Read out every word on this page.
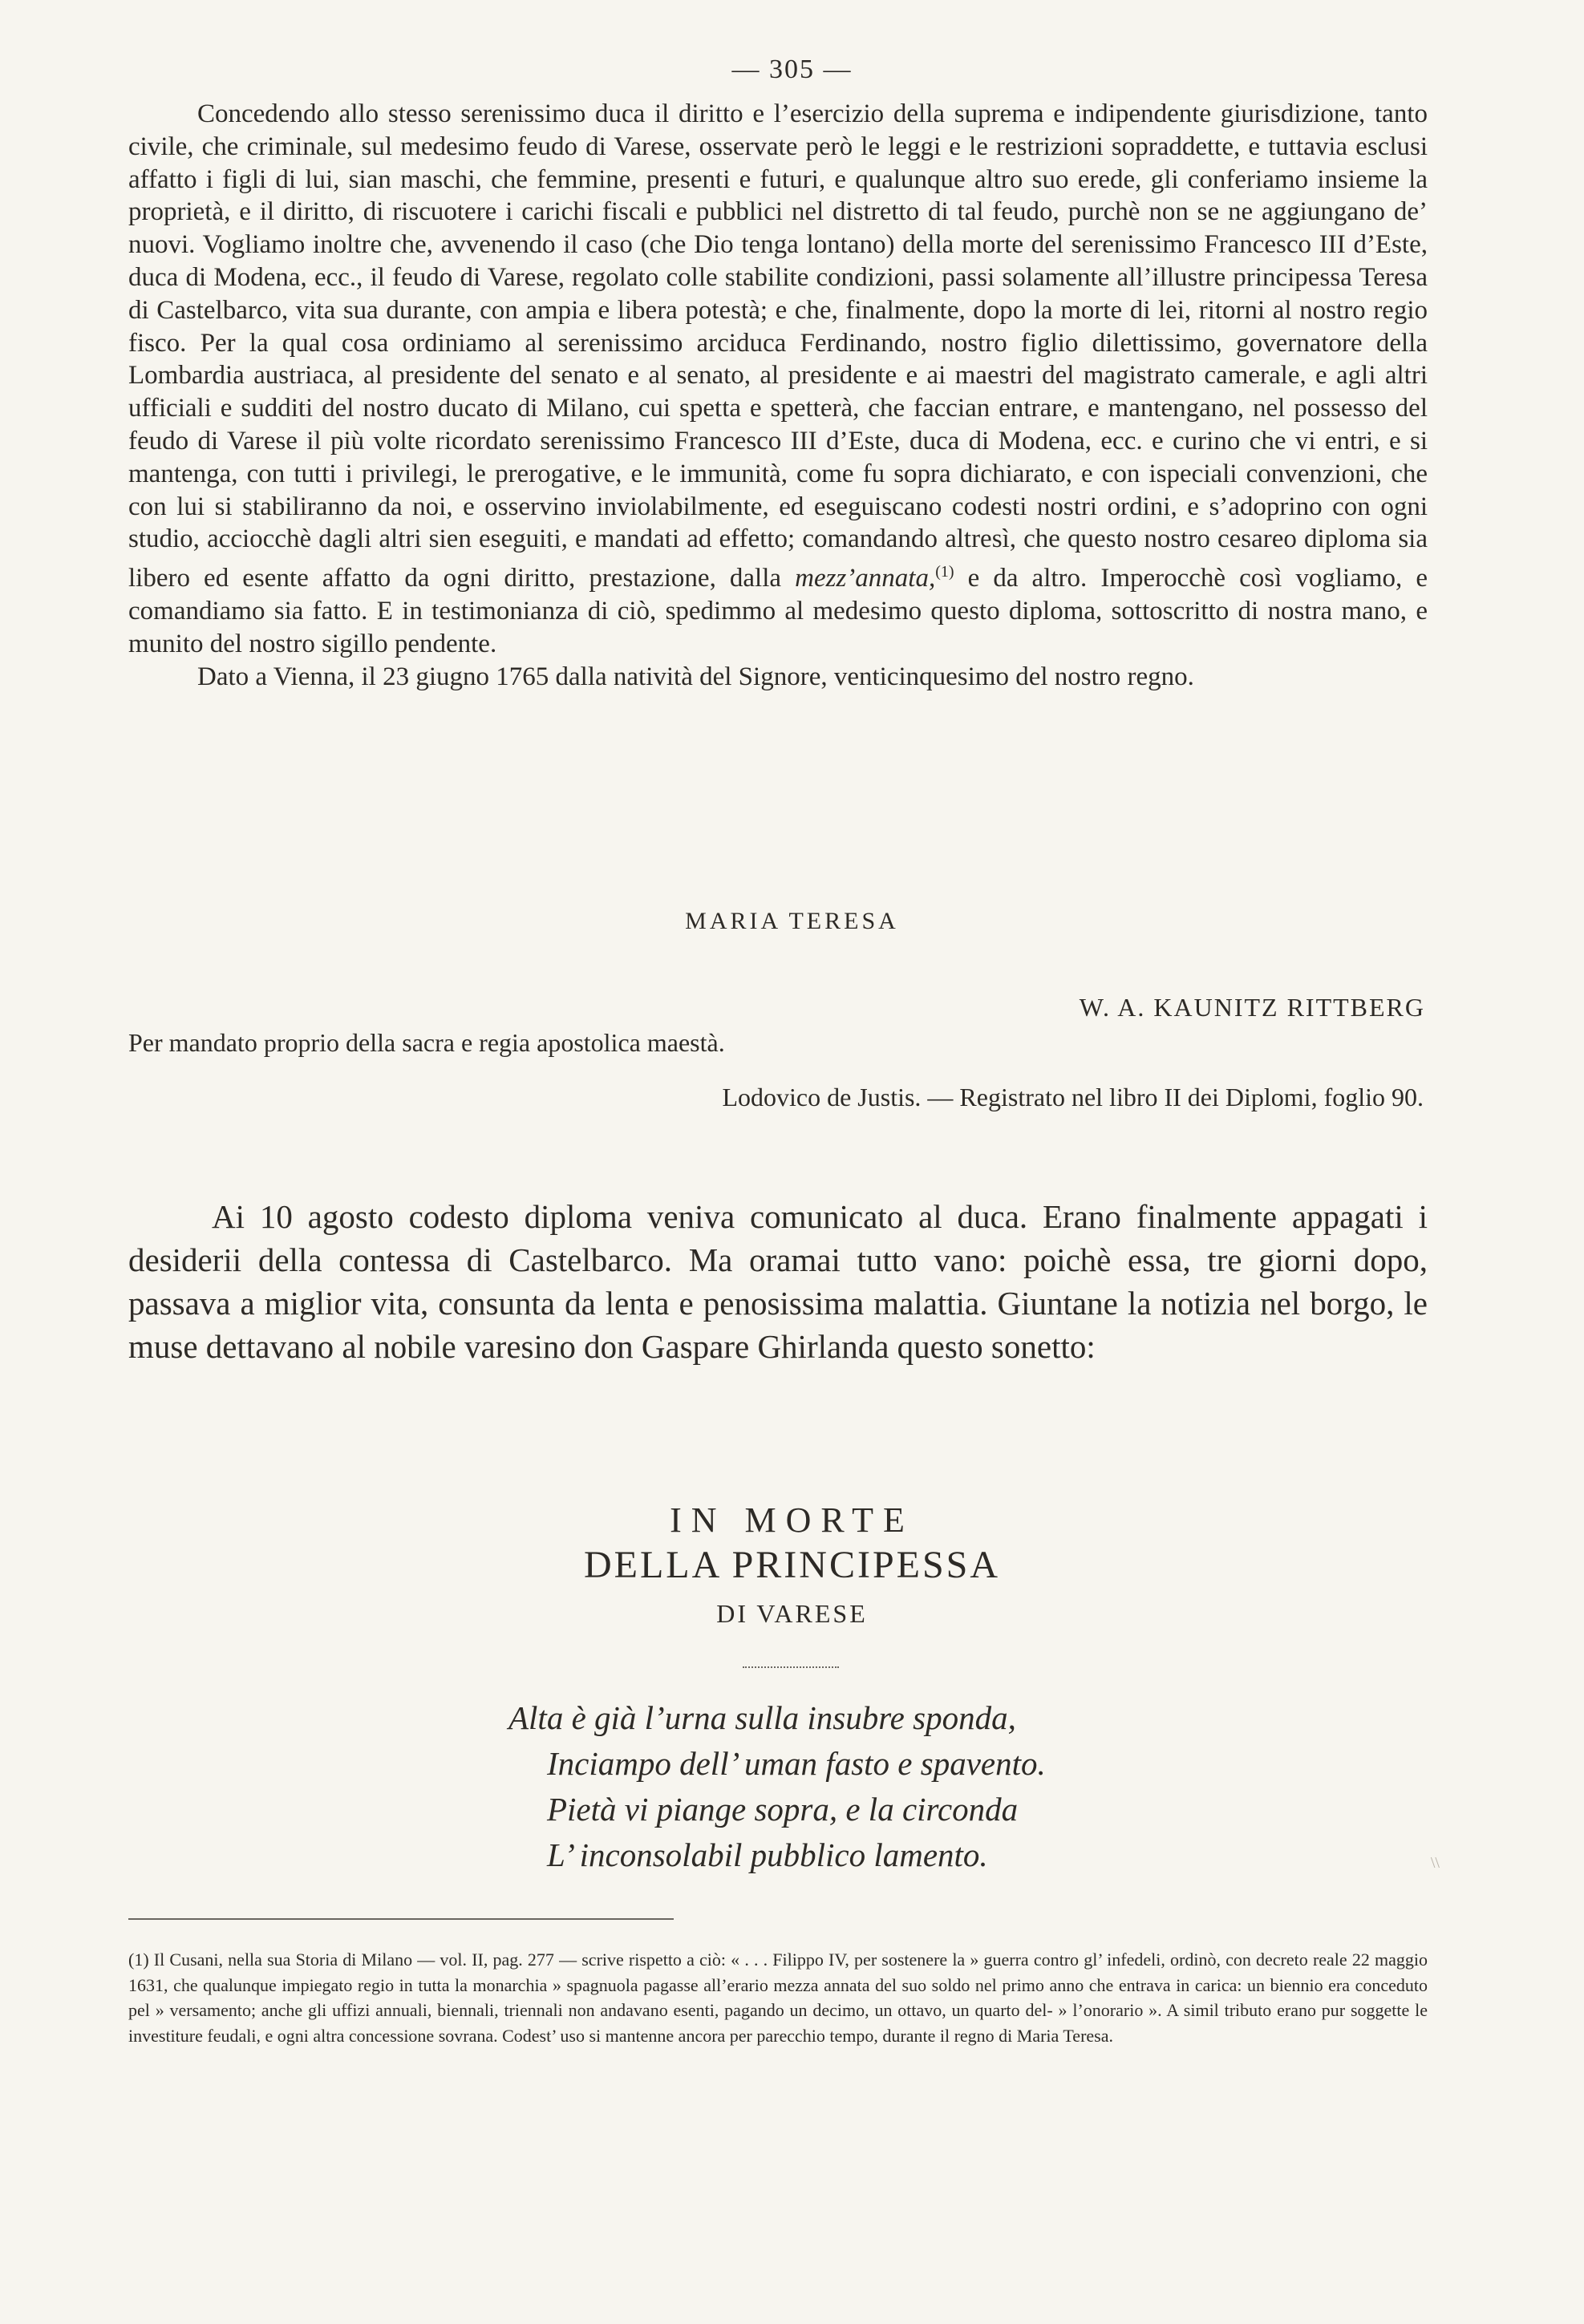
— 305 —

Concedendo allo stesso serenissimo duca il diritto e l’esercizio della suprema e indipendente giurisdizione, tanto civile, che criminale, sul medesimo feudo di Varese, osservate però le leggi e le restrizioni sopraddette, e tuttavia esclusi affatto i figli di lui, sian maschi, che femmine, presenti e futuri, e qualunque altro suo erede, gli conferiamo insieme la proprietà, e il diritto, di riscuotere i carichi fiscali e pubblici nel distretto di tal feudo, purchè non se ne aggiungano de’ nuovi. Vogliamo inoltre che, avvenendo il caso (che Dio tenga lontano) della morte del serenissimo Francesco III d’Este, duca di Modena, ecc., il feudo di Varese, regolato colle stabilite condizioni, passi solamente all’illustre principessa Teresa di Castelbarco, vita sua durante, con ampia e libera potestà; e che, finalmente, dopo la morte di lei, ritorni al nostro regio fisco. Per la qual cosa ordiniamo al serenissimo arciduca Ferdinando, nostro figlio dilettissimo, governatore della Lombardia austriaca, al presidente del senato e al senato, al presidente e ai maestri del magistrato camerale, e agli altri ufficiali e sudditi del nostro ducato di Milano, cui spetta e spetterà, che faccian entrare, e mantengano, nel possesso del feudo di Varese il più volte ricordato serenissimo Francesco III d’Este, duca di Modena, ecc. e curino che vi entri, e si mantenga, con tutti i privilegi, le prerogative, e le immunità, come fu sopra dichiarato, e con ispeciali convenzioni, che con lui si stabiliranno da noi, e osservino inviolabilmente, ed eseguiscano codesti nostri ordini, e s’adoprino con ogni studio, acciocchè dagli altri sien eseguiti, e mandati ad effetto; comandando altresì, che questo nostro cesareo diploma sia libero ed esente affatto da ogni diritto, prestazione, dalla mezz’annata,$^{(1)}$ e da altro. Imperocchè così vogliamo, e comandiamo sia fatto. E in testimonianza di ciò, spedimmo al medesimo questo diploma, sottoscritto di nostra mano, e munito del nostro sigillo pendente.

Dato a Vienna, il 23 giugno 1765 dalla natività del Signore, venticinquesimo del nostro regno.

MARIA TERESA
W. A. KAUNITZ RITTBERG
Per mandato proprio della sacra e regia apostolica maestà.
Lodovico de Justis. — Registrato nel libro II dei Diplomi, foglio 90.

Ai 10 agosto codesto diploma veniva comunicato al duca. Erano finalmente appagati i desiderii della contessa di Castelbarco. Ma oramai tutto vano: poichè essa, tre giorni dopo, passava a miglior vita, consunta da lenta e penosissima malattia. Giuntane la notizia nel borgo, le muse dettavano al nobile varesino don Gaspare Ghirlanda questo sonetto:

IN MORTE
DELLA PRINCIPESSA
DI VARESE
Alta è già l’urna sulla insubre sponda,
Inciampo dell’ uman fasto e spavento.
Pietà vi piange sopra, e la circonda
L’ inconsolabil pubblico lamento.	\\

(1) Il Cusani, nella sua Storia di Milano — vol. II, pag. 277 — scrive rispetto a ciò: « . . . Filippo IV, per sostenere la » guerra contro gl’ infedeli, ordinò, con decreto reale 22 maggio 1631, che qualunque impiegato regio in tutta la monarchia » spagnuola pagasse all’erario mezza annata del suo soldo nel primo anno che entrava in carica: un biennio era conceduto pel » versamento; anche gli uffizi annuali, biennali, triennali non andavano esenti, pagando un decimo, un ottavo, un quarto del- » l’onorario ». A simil tributo erano pur soggette le investiture feudali, e ogni altra concessione sovrana. Codest’ uso si mantenne ancora per parecchio tempo, durante il regno di Maria Teresa.
